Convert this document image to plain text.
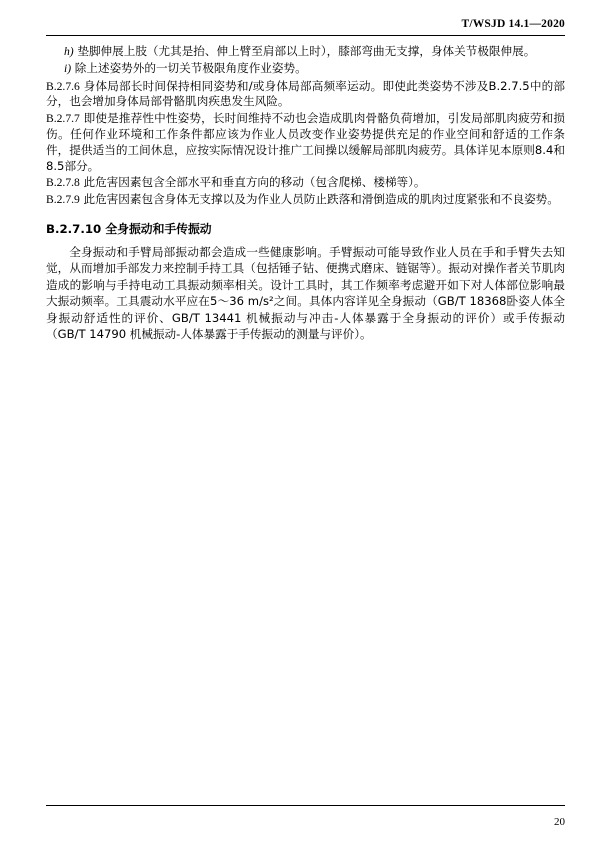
T/WSJD 14.1—2020

h) 垫脚伸展上肢（尤其是抬、伸上臂至肩部以上时），膝部弯曲无支撑，身体关节极限伸展。

i) 除上述姿势外的一切关节极限角度作业姿势。

B.2.7.6 身体局部长时间保持相同姿势和/或身体局部高频率运动。即使此类姿势不涉及B.2.7.5中的部分，也会增加身体局部骨骼肌肉疾患发生风险。

B.2.7.7 即使是推荐性中性姿势，长时间维持不动也会造成肌肉骨骼负荷增加，引发局部肌肉疲劳和损伤。任何作业环境和工作条件都应该为作业人员改变作业姿势提供充足的作业空间和舒适的工作条件，提供适当的工间休息，应按实际情况设计推广工间操以缓解局部肌肉疲劳。具体详见本原则8.4和8.5部分。

B.2.7.8 此危害因素包含全部水平和垂直方向的移动（包含爬梯、楼梯等）。

B.2.7.9 此危害因素包含身体无支撑以及为作业人员防止跌落和滑倒造成的肌肉过度紧张和不良姿势。

B.2.7.10 全身振动和手传振动

全身振动和手臂局部振动都会造成一些健康影响。手臂振动可能导致作业人员在手和手臂失去知觉，从而增加手部发力来控制手持工具（包括锤子钻、便携式磨床、链锯等）。振动对操作者关节肌肉造成的影响与手持电动工具振动频率相关。设计工具时，其工作频率考虑避开如下对人体部位影响最大振动频率。工具震动水平应在5～36 m/s²之间。具体内容详见全身振动（GB/T 18368卧姿人体全身振动舒适性的评价、GB/T 13441 机械振动与冲击-人体暴露于全身振动的评价）或手传振动（GB/T 14790 机械振动-人体暴露于手传振动的测量与评价）。

20
